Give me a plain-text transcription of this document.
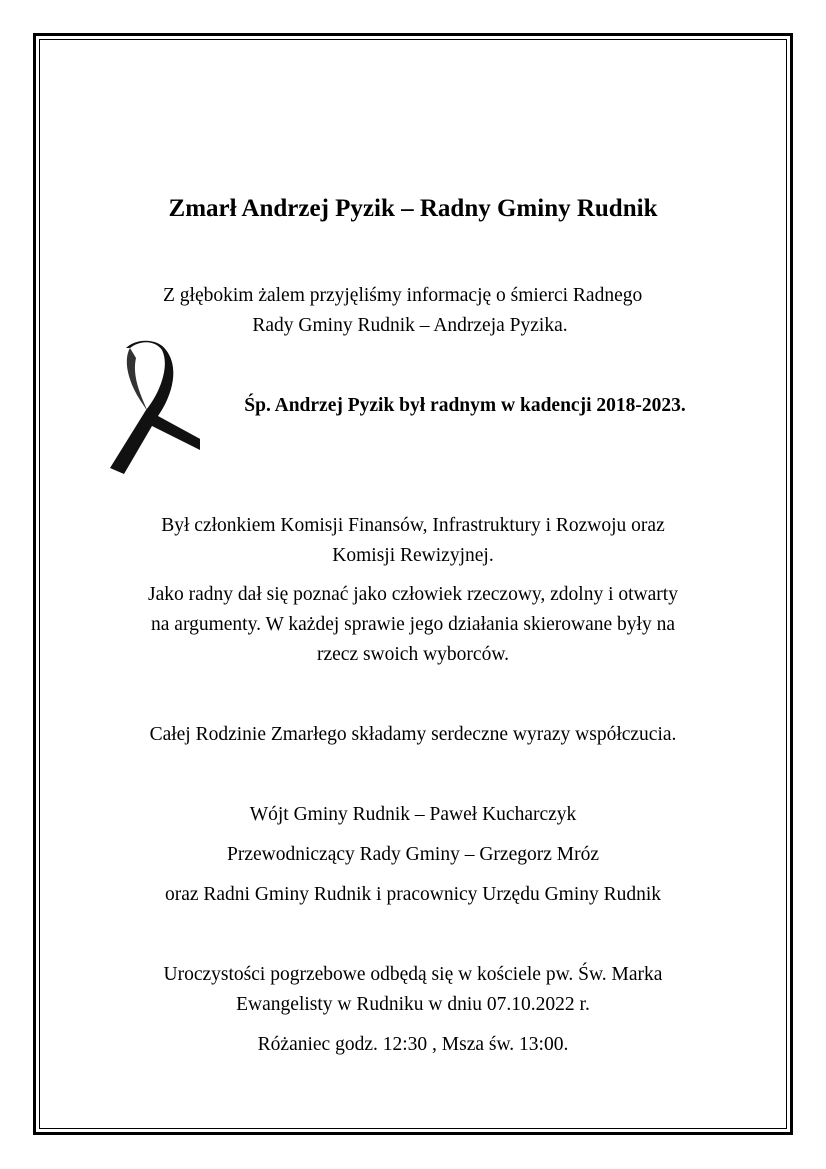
Zmarł Andrzej Pyzik – Radny Gminy Rudnik
Z głębokim żalem przyjęliśmy informację o śmierci Radnego
Rady Gminy Rudnik – Andrzeja Pyzika.
Śp. Andrzej Pyzik był radnym w kadencji 2018-2023.
Był członkiem Komisji Finansów, Infrastruktury i Rozwoju oraz
Komisji Rewizyjnej.
Jako radny dał się poznać jako człowiek rzeczowy, zdolny i otwarty
na argumenty. W każdej sprawie jego działania skierowane były na
rzecz swoich wyborców.
Całej Rodzinie Zmarłego składamy serdeczne wyrazy współczucia.
Wójt Gminy Rudnik – Paweł Kucharczyk
Przewodniczący Rady Gminy – Grzegorz Mróz
oraz Radni Gminy Rudnik i pracownicy Urzędu Gminy Rudnik
Uroczystości pogrzebowe odbędą się w kościele pw. Św. Marka
Ewangelisty w Rudniku w dniu 07.10.2022 r.
Różaniec godz. 12:30 , Msza św. 13:00.
